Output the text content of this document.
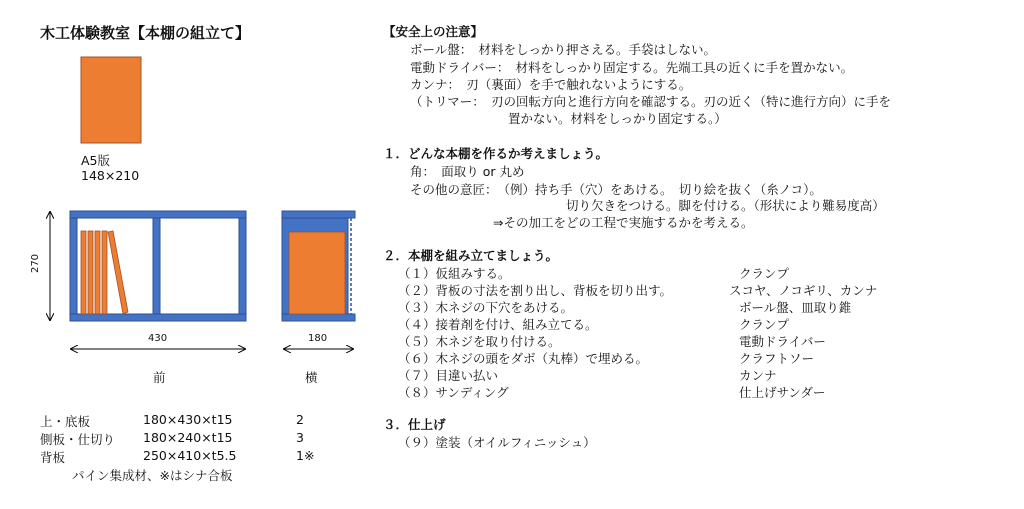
木工体験教室【本棚の組立て】
A5版
148×210
270
430	180
前	横
上・底板	180×430×t15	2
側板・仕切り 180×240×t15	3
背板	250×410×t5.5	1※
パイン集成材、※はシナ合板
【安全上の注意】
ボール盤：　材料をしっかり押さえる。手袋はしない。
電動ドライバー：　材料をしっかり固定する。先端工具の近くに手を置かない。
カンナ：　刃（裏面）を手で触れないようにする。
（トリマー：　刃の回転方向と進行方向を確認する。刃の近く（特に進行方向）に手を
置かない。材料をしっかり固定する。）
１．どんな本棚を作るか考えましょう。
角：　面取り or 丸め
その他の意匠：　（例）持ち手（穴）をあける。　切り絵を抜く（糸ノコ）。
切り欠きをつける。脚を付ける。（形状により難易度高）
⇒その加工をどの工程で実施するかを考える。
２．本棚を組み立てましょう。
（１）仮組みする。	クランプ
（２）背板の寸法を割り出し、背板を切り出す。	スコヤ、ノコギリ、カンナ
（３）木ネジの下穴をあける。	ボール盤、皿取り錐
（４）接着剤を付け、組み立てる。	クランプ
（５）木ネジを取り付ける。	電動ドライバー
（６）木ネジの頭をダボ（丸棒）で埋める。	クラフトソー
（７）目違い払い	カンナ
（８）サンディング	仕上げサンダー
３．仕上げ
（９）塗装（オイルフィニッシュ）
